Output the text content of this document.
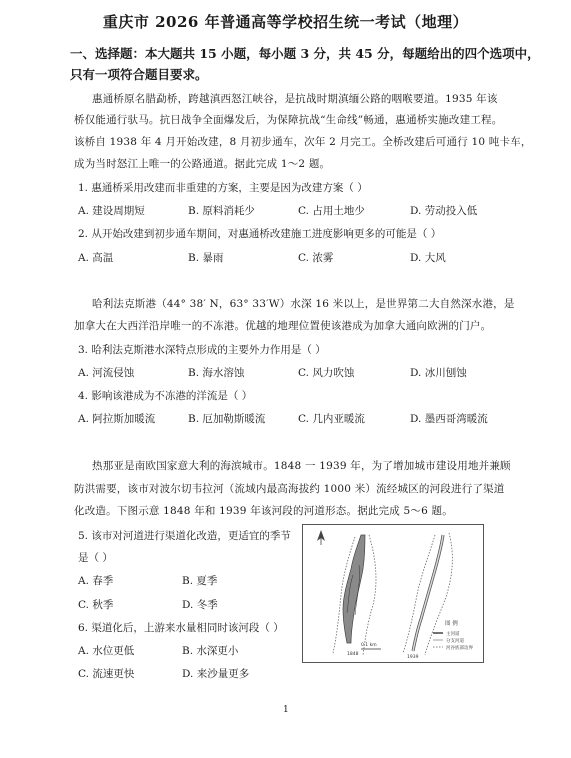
重庆市 2026 年普通高等学校招生统一考试（地理）
一、选择题：本大题共 15 小题，每小题 3 分，共 45 分，每题给出的四个选项中，
只有一项符合题目要求。
惠通桥原名腊勐桥，跨越滇西怒江峡谷，是抗战时期滇缅公路的咽喉要道。1935 年该
桥仅能通行驮马。抗日战争全面爆发后，为保障抗战“生命线”畅通，惠通桥实施改建工程。
该桥自 1938 年 4 月开始改建，8 月初步通车，次年 2 月完工。全桥改建后可通行 10 吨卡车，
成为当时怒江上唯一的公路通道。据此完成 1～2 题。
1. 惠通桥采用改建而非重建的方案，主要是因为改建方案（ ）
A. 建设周期短	B. 原料消耗少	C. 占用土地少	D. 劳动投入低
2. 从开始改建到初步通车期间，对惠通桥改建施工进度影响更多的可能是（ ）
A. 高温	B. 暴雨	C. 浓雾	D. 大风
哈利法克斯港（44° 38′ N，63° 33′W）水深 16 米以上，是世界第二大自然深水港，是
加拿大在大西洋沿岸唯一的不冻港。优越的地理位置使该港成为加拿大通向欧洲的门户。
3. 哈利法克斯港水深特点形成的主要外力作用是（ ）
A. 河流侵蚀	B. 海水溶蚀	C. 风力吹蚀	D. 冰川刨蚀
4. 影响该港成为不冻港的洋流是（ ）
A. 阿拉斯加暖流	B. 厄加勒斯暖流	C. 几内亚暖流	D. 墨西哥湾暖流
热那亚是南欧国家意大利的海滨城市。1848 一 1939 年，为了增加城市建设用地并兼顾
防洪需要，该市对波尔切韦拉河（流域内最高海拔约 1000 米）流经城区的河段进行了渠道
化改造。下图示意 1848 年和 1939 年该河段的河道形态。据此完成 5～6 题。
5. 该市对河道进行渠道化改造，更适宜的季节
是（ ）
A. 春季	B. 夏季
C. 秋季	D. 冬季
6. 渠道化后，上游来水量相同时该河段（ ）
A. 水位更低	B. 水深更小
C. 流速更快	D. 来沙量更多
1848
1939
0 1 km
图 例
主河道
分支河道
河谷底部边界
1
